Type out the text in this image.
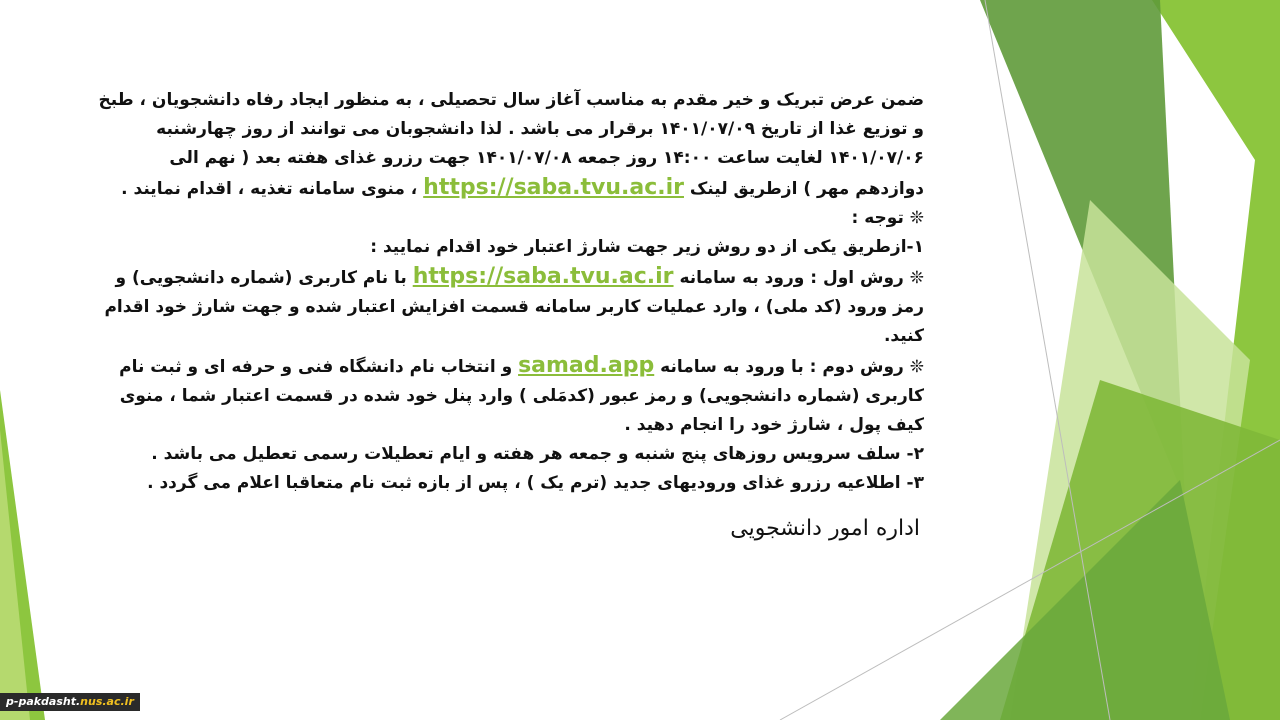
ضمن عرض تبریک و خیر مقدم به مناسب آغاز سال تحصیلی ، به منظور ایجاد رفاه دانشجویان ، طبخ و توزیع غذا از تاریخ ۱۴۰۱/۰۷/۰۹ برقرار می باشد . لذا دانشجوبان می توانند از روز چهارشنبه ۱۴۰۱/۰۷/۰۶ لغایت ساعت ۱۴:۰۰ روز جمعه ۱۴۰۱/۰۷/۰۸ جهت رزرو غذای هفته بعد ( نهم الی دوازدهم مهر ) ازطریق لینک https://saba.tvu.ac.ir ، منوی سامانه تغذیه ، اقدام نمایند .

❊ توجه :

۱-ازطریق یکی از دو روش زیر جهت شارژ اعتبار خود اقدام نمایید :

❊ روش اول : ورود به سامانه https://saba.tvu.ac.ir با نام کاربری (شماره دانشجویی) و رمز ورود (کد ملی) ، وارد عملیات کاربر سامانه قسمت افزایش اعتبار شده و جهت شارژ خود اقدام کنید.

❊ روش دوم : با ورود به سامانه samad.app و انتخاب نام دانشگاه فنی و حرفه ای و ثبت نام کاربری (شماره دانشجویی) و رمز عبور (کدمَلی ) وارد پنل خود شده در قسمت اعتبار شما ، منوی کیف پول ، شارژ خود را انجام دهید .

۲- سلف سرویس روزهای پنج شنبه و جمعه هر هفته و ایام تعطیلات رسمی تعطیل می باشد .

۳- اطلاعیه رزرو غذای ورودیهای جدید (ترم یک ) ، پس از بازه ثبت نام متعاقبا اعلام می گردد .

اداره امور دانشجویی
p-pakdasht.nus.ac.ir
